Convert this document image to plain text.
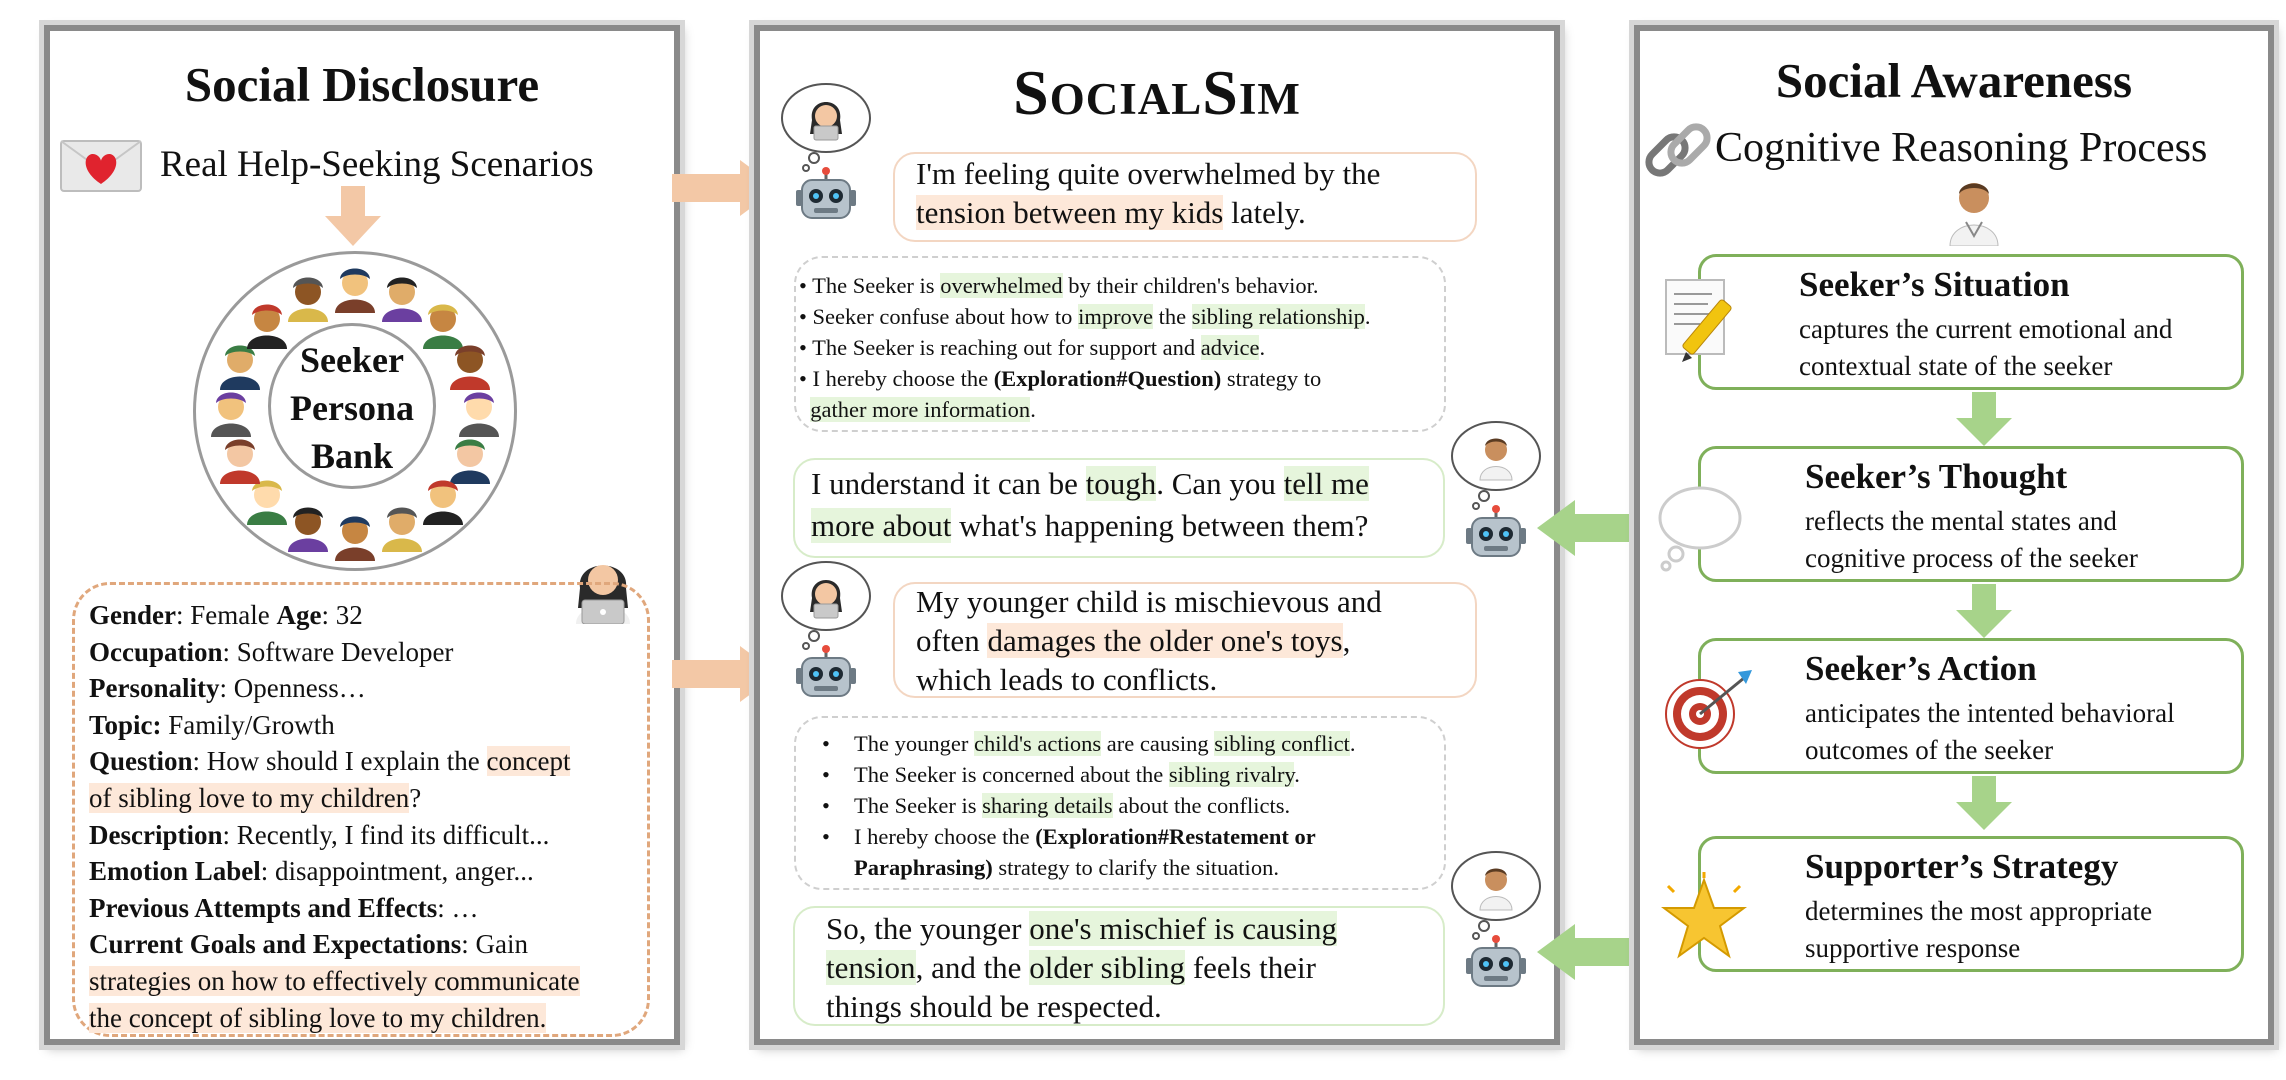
Social Disclosure
Real Help-Seeking Scenarios
Seeker
Persona
Bank
Gender: Female Age: 32
Occupation: Software Developer
Personality: Openness…
Topic: Family/Growth
Question: How should I explain the concept
of sibling love to my children?
Description: Recently, I find its difficult...
Emotion Label: disappointment, anger...
Previous Attempts and Effects: …
Current Goals and Expectations: Gain
strategies on how to effectively communicate
the concept of sibling love to my children.
SocialSim
I'm feeling quite overwhelmed by the
tension between my kids lately.
• The Seeker is overwhelmed by their children's behavior.
• Seeker confuse about how to improve the sibling relationship.
• The Seeker is reaching out for support and advice.
• I hereby choose the (Exploration#Question) strategy to
gather more information.
I understand it can be tough. Can you tell me
more about what's happening between them?
My younger child is mischievous and
often damages the older one's toys,
which leads to conflicts.
• The younger child's actions are causing sibling conflict.
• The Seeker is concerned about the sibling rivalry.
• The Seeker is sharing details about the conflicts.
• I hereby choose the (Exploration#Restatement or
Paraphrasing) strategy to clarify the situation.
So, the younger one's mischief is causing
tension, and the older sibling feels their
things should be respected.
Social Awareness
Cognitive Reasoning Process
Seeker’s Situation
captures the current emotional and
contextual state of the seeker
Seeker’s Thought
reflects the mental states and
cognitive process of the seeker
Seeker’s Action
anticipates the intented behavioral
outcomes of the seeker
Supporter’s Strategy
determines the most appropriate
supportive response
